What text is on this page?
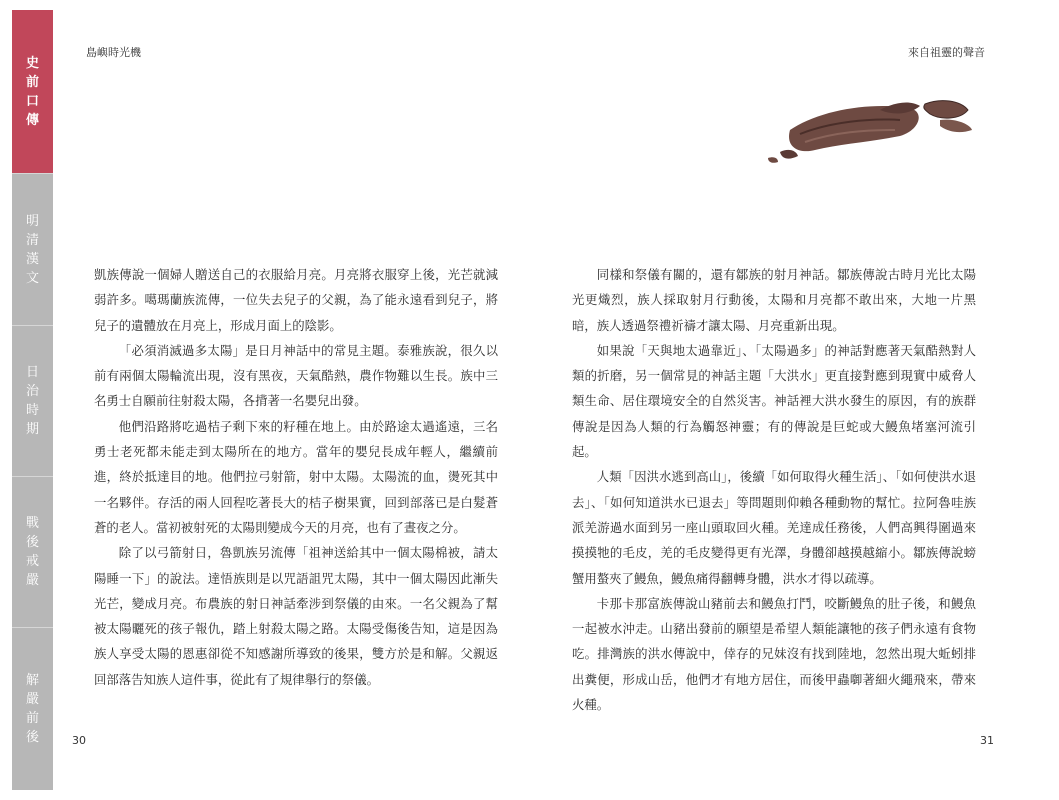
史
前
口
傳
明
清
漢
文
日
治
時
期
戰
後
戒
嚴
解
嚴
前
後
島嶼時光機	來自祖靈的聲音

凱族傳說一個婦人贈送自己的衣服給月亮。月亮將衣服穿上後，光芒就減弱許多。噶瑪蘭族流傳，一位失去兒子的父親，為了能永遠看到兒子，將兒子的遺體放在月亮上，形成月面上的陰影。

「必須消滅過多太陽」是日月神話中的常見主題。泰雅族說，很久以前有兩個太陽輪流出現，沒有黑夜，天氣酷熱，農作物難以生長。族中三名勇士自願前往射殺太陽，各揹著一名嬰兒出發。

他們沿路將吃過桔子剩下來的籽種在地上。由於路途太過遙遠，三名勇士老死都未能走到太陽所在的地方。當年的嬰兒長成年輕人，繼續前進，終於抵達目的地。他們拉弓射箭，射中太陽。太陽流的血，燙死其中一名夥伴。存活的兩人回程吃著長大的桔子樹果實，回到部落已是白髮蒼蒼的老人。當初被射死的太陽則變成今天的月亮，也有了晝夜之分。

除了以弓箭射日，魯凱族另流傳「祖神送給其中一個太陽棉被，請太陽睡一下」的說法。達悟族則是以咒語詛咒太陽，其中一個太陽因此漸失光芒，變成月亮。布農族的射日神話牽涉到祭儀的由來。一名父親為了幫被太陽曬死的孩子報仇，踏上射殺太陽之路。太陽受傷後告知，這是因為族人享受太陽的恩惠卻從不知感謝所導致的後果，雙方於是和解。父親返回部落告知族人這件事，從此有了規律舉行的祭儀。

同樣和祭儀有關的，還有鄒族的射月神話。鄒族傳說古時月光比太陽光更熾烈，族人採取射月行動後，太陽和月亮都不敢出來，大地一片黑暗，族人透過祭禮祈禱才讓太陽、月亮重新出現。

如果說「天與地太過靠近」、「太陽過多」的神話對應著天氣酷熱對人類的折磨，另一個常見的神話主題「大洪水」更直接對應到現實中威脅人類生命、居住環境安全的自然災害。神話裡大洪水發生的原因，有的族群傳說是因為人類的行為觸怒神靈；有的傳說是巨蛇或大鰻魚堵塞河流引起。

人類「因洪水逃到高山」，後續「如何取得火種生活」、「如何使洪水退去」、「如何知道洪水已退去」等問題則仰賴各種動物的幫忙。拉阿魯哇族派羌游過水面到另一座山頭取回火種。羌達成任務後，人們高興得圍過來摸摸牠的毛皮，羌的毛皮變得更有光澤，身體卻越摸越縮小。鄒族傳說螃蟹用螯夾了鰻魚，鰻魚痛得翻轉身體，洪水才得以疏導。

卡那卡那富族傳說山豬前去和鰻魚打鬥，咬斷鰻魚的肚子後，和鰻魚一起被水沖走。山豬出發前的願望是希望人類能讓牠的孩子們永遠有食物吃。排灣族的洪水傳說中，倖存的兄妹沒有找到陸地，忽然出現大蚯蚓排出糞便，形成山岳，他們才有地方居住，而後甲蟲啣著細火繩飛來，帶來火種。

30	31
